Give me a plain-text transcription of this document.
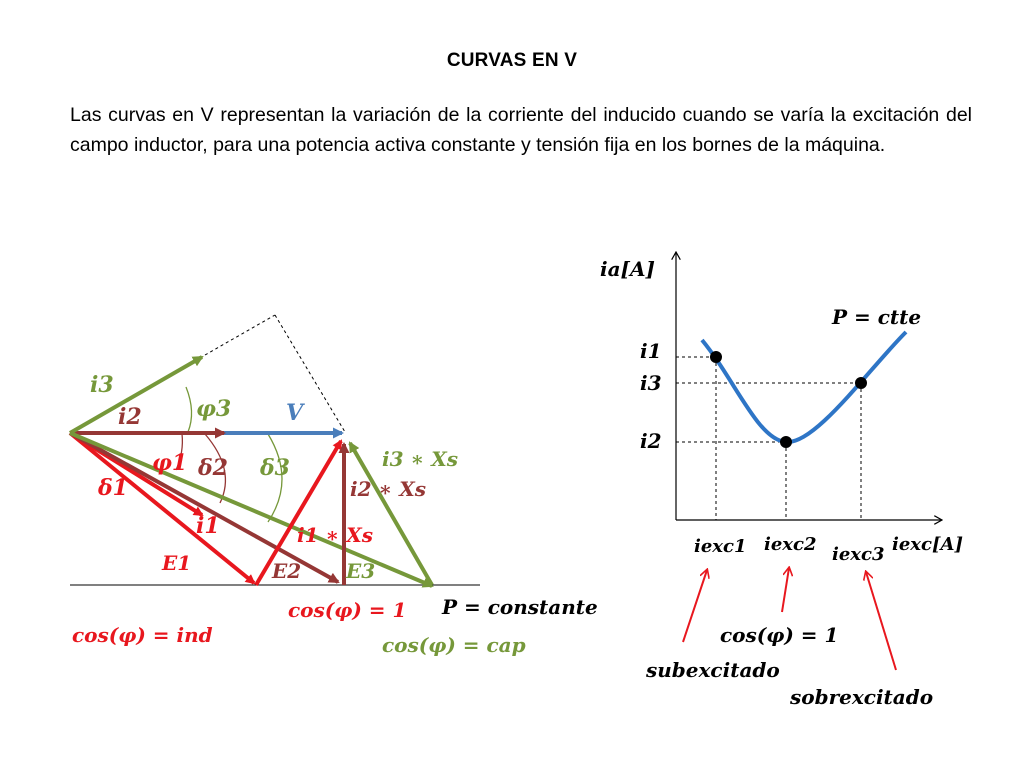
CURVAS EN V
Las curvas en V representan la variación de la corriente del inducido cuando se varía la excitación del campo inductor, para una potencia activa constante y tensión fija en los bornes de la máquina.
i3
i2 φ3 V
φ1 δ2 δ3
δ1
i1
E1	E2 E3
i3 ∗ Xs
i2 ∗ Xs
i1 ∗ Xs
cos(φ) = 1 P = constante
cos(φ) = ind	cos(φ) = cap
ia[A]
P = ctte
i1
i3
i2
iexc1 iexc2 iexc3 iexc[A]
cos(φ) = 1
subexcitado
sobrexcitado
